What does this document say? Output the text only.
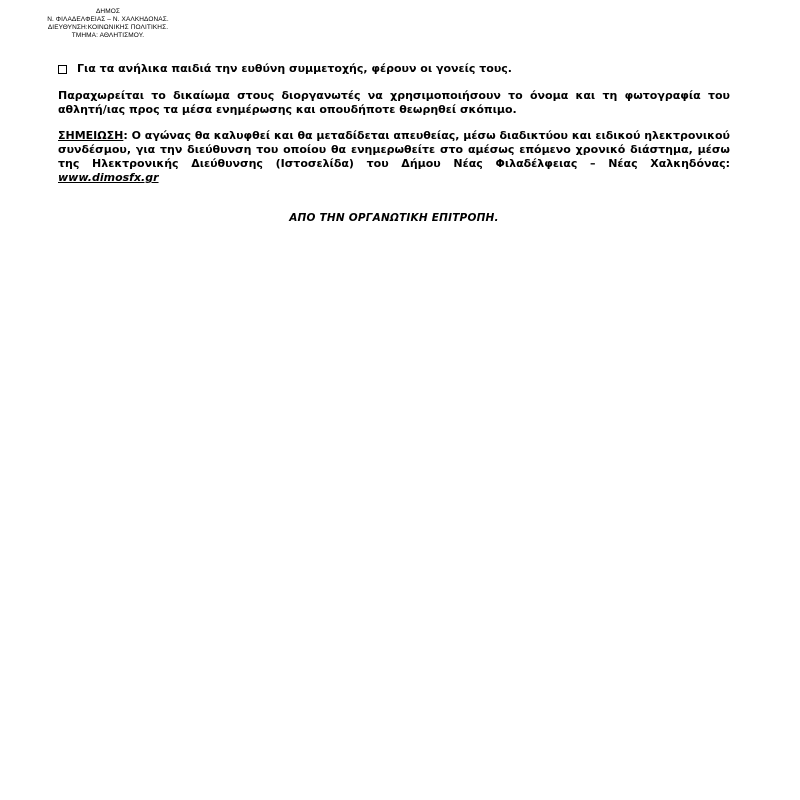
ΔΗΜΟΣ
Ν. ΦΙΛΑΔΕΛΦΕΙΑΣ – Ν. ΧΑΛΚΗΔΟΝΑΣ.
ΔΙΕΥΘΥΝΣΗ:ΚΟΙΝΩΝΙΚΗΣ ΠΟΛΙΤΙΚΗΣ.
ΤΜΗΜΑ: ΑΘΛΗΤΙΣΜΟΥ.
Για τα ανήλικα παιδιά την ευθύνη συμμετοχής, φέρουν οι γονείς τους.

Παραχωρείται το δικαίωμα στους διοργανωτές να χρησιμοποιήσουν το όνομα και τη φωτογραφία του αθλητή/ιας προς τα μέσα ενημέρωσης και οπουδήποτε θεωρηθεί σκόπιμο.

ΣΗΜΕΙΩΣΗ: Ο αγώνας θα καλυφθεί και θα μεταδίδεται απευθείας, μέσω διαδικτύου και ειδικού ηλεκτρονικού συνδέσμου, για την διεύθυνση του οποίου θα ενημερωθείτε στο αμέσως επόμενο χρονικό διάστημα, μέσω της Ηλεκτρονικής Διεύθυνσης (Ιστοσελίδα) του Δήμου Νέας Φιλαδέλφειας – Νέας Χαλκηδόνας: www.dimosfx.gr

ΑΠΟ ΤΗΝ ΟΡΓΑΝΩΤΙΚΗ ΕΠΙΤΡΟΠΗ.
